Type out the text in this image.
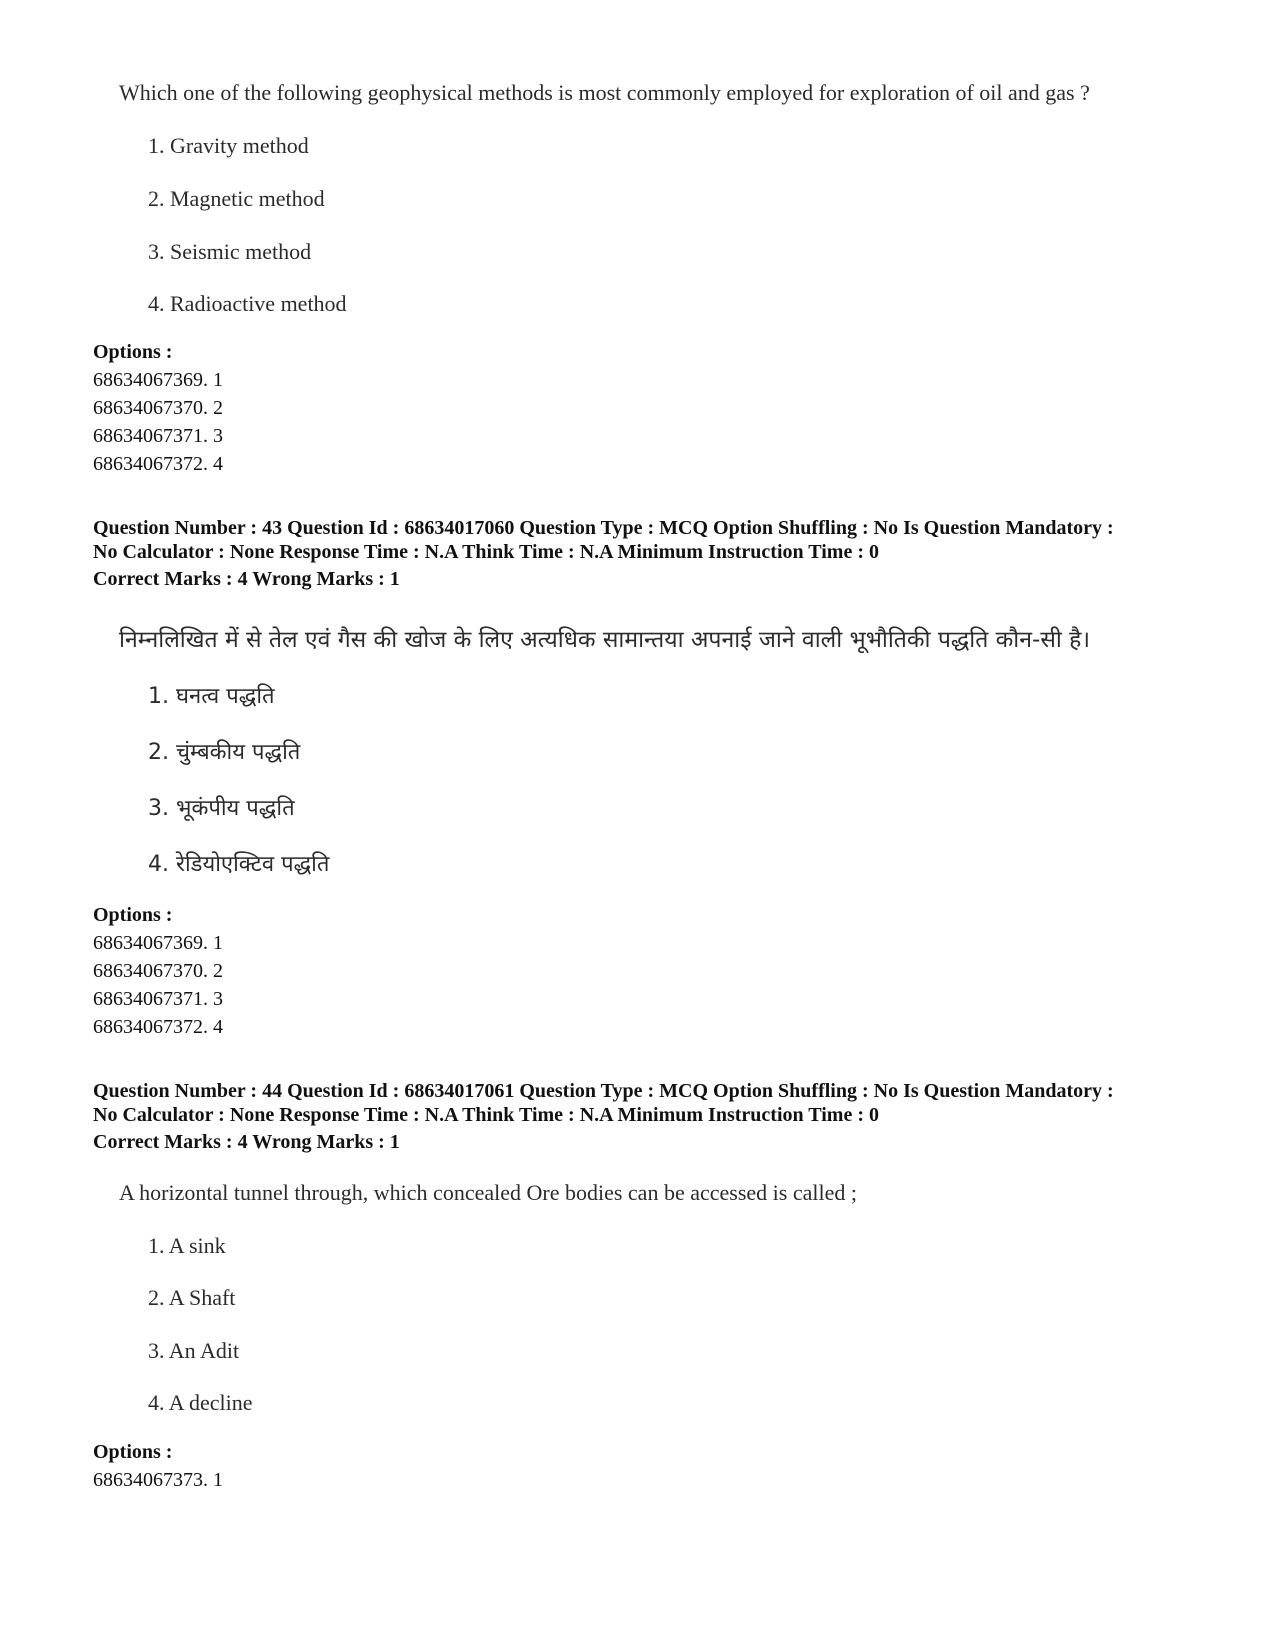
Which one of the following geophysical methods is most commonly employed for exploration of oil and gas ?
1. Gravity method
2. Magnetic method
3. Seismic method
4. Radioactive method
Options :
68634067369. 1
68634067370. 2
68634067371. 3
68634067372. 4
Question Number : 43 Question Id : 68634017060 Question Type : MCQ Option Shuffling : No Is Question Mandatory :
No Calculator : None Response Time : N.A Think Time : N.A Minimum Instruction Time : 0
Correct Marks : 4 Wrong Marks : 1
निम्नलिखित में से तेल एवं गैस की खोज के लिए अत्यधिक सामान्तया अपनाई जाने वाली भूभौतिकी पद्धति कौन-सी है।
1. घनत्व पद्धति
2. चुंम्बकीय पद्धति
3. भूकंपीय पद्धति
4. रेडियोएक्टिव पद्धति
Options :
68634067369. 1
68634067370. 2
68634067371. 3
68634067372. 4
Question Number : 44 Question Id : 68634017061 Question Type : MCQ Option Shuffling : No Is Question Mandatory :
No Calculator : None Response Time : N.A Think Time : N.A Minimum Instruction Time : 0
Correct Marks : 4 Wrong Marks : 1
A horizontal tunnel through, which concealed Ore bodies can be accessed is called ;
1. A sink
2. A Shaft
3. An Adit
4. A decline
Options :
68634067373. 1
